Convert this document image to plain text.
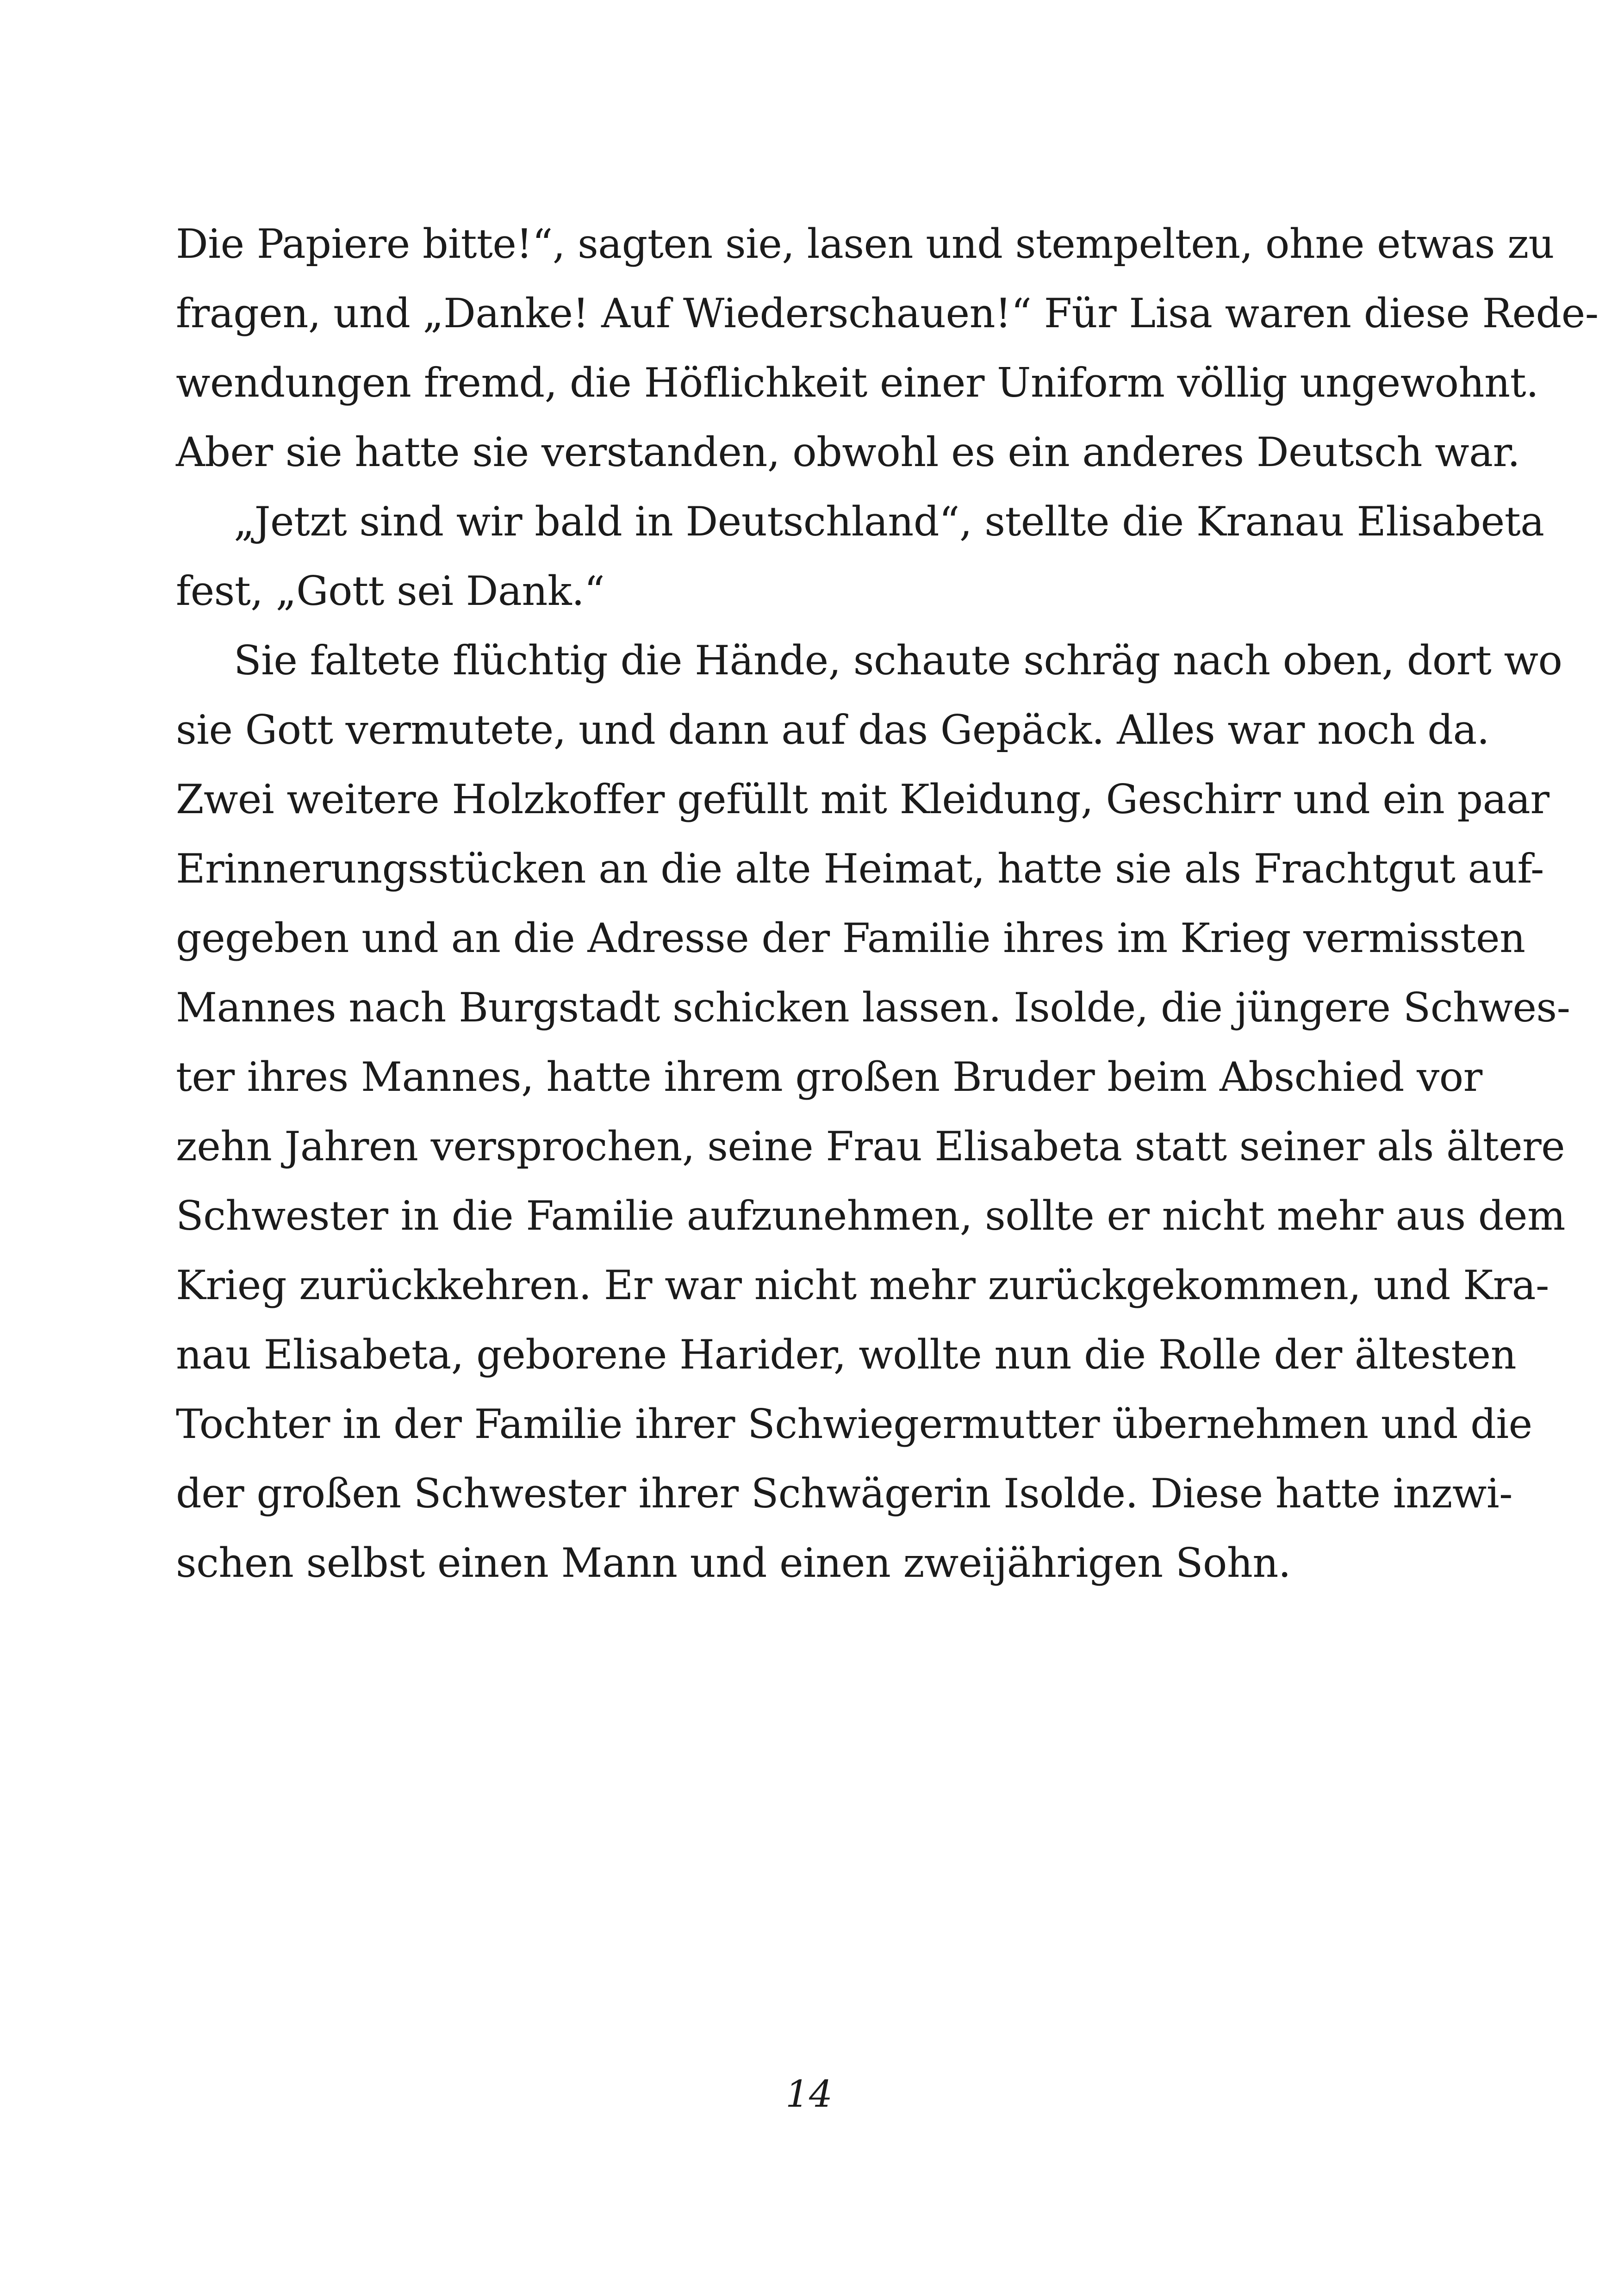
Die Papiere bitte!“, sagten sie, lasen und stempelten, ohne etwas zu
fragen, und „Danke! Auf Wiederschauen!“ Für Lisa waren diese Rede-
wendungen fremd, die Höflichkeit einer Uniform völlig ungewohnt.
Aber sie hatte sie verstanden, obwohl es ein anderes Deutsch war.
„Jetzt sind wir bald in Deutschland“, stellte die Kranau Elisabeta
fest, „Gott sei Dank.“
Sie faltete flüchtig die Hände, schaute schräg nach oben, dort wo
sie Gott vermutete, und dann auf das Gepäck. Alles war noch da.
Zwei weitere Holzkoffer gefüllt mit Kleidung, Geschirr und ein paar
Erinnerungsstücken an die alte Heimat, hatte sie als Frachtgut auf-
gegeben und an die Adresse der Familie ihres im Krieg vermissten
Mannes nach Burgstadt schicken lassen. Isolde, die jüngere Schwes-
ter ihres Mannes, hatte ihrem großen Bruder beim Abschied vor
zehn Jahren versprochen, seine Frau Elisabeta statt seiner als ältere
Schwester in die Familie aufzunehmen, sollte er nicht mehr aus dem
Krieg zurückkehren. Er war nicht mehr zurückgekommen, und Kra-
nau Elisabeta, geborene Harider, wollte nun die Rolle der ältesten
Tochter in der Familie ihrer Schwiegermutter übernehmen und die
der großen Schwester ihrer Schwägerin Isolde. Diese hatte inzwi-
schen selbst einen Mann und einen zweijährigen Sohn.
14
